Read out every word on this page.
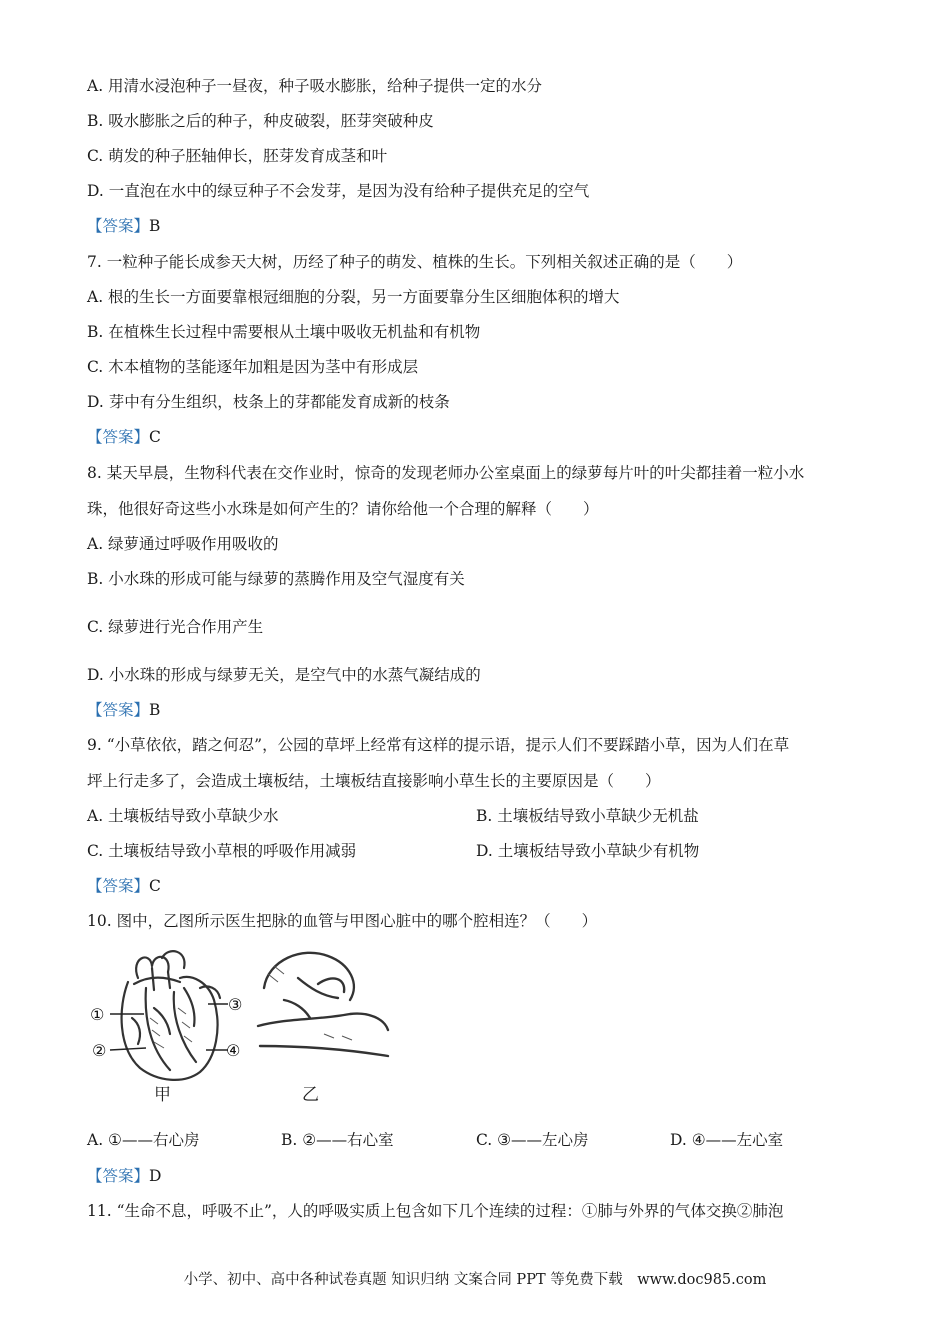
A. 用清水浸泡种子一昼夜，种子吸水膨胀，给种子提供一定的水分
B. 吸水膨胀之后的种子，种皮破裂，胚芽突破种皮
C. 萌发的种子胚轴伸长，胚芽发育成茎和叶
D. 一直泡在水中的绿豆种子不会发芽，是因为没有给种子提供充足的空气
【答案】B
7. 一粒种子能长成参天大树，历经了种子的萌发、植株的生长。下列相关叙述正确的是（　　）
A. 根的生长一方面要靠根冠细胞的分裂，另一方面要靠分生区细胞体积的增大
B. 在植株生长过程中需要根从土壤中吸收无机盐和有机物
C. 木本植物的茎能逐年加粗是因为茎中有形成层
D. 芽中有分生组织，枝条上的芽都能发育成新的枝条
【答案】C
8. 某天早晨，生物科代表在交作业时，惊奇的发现老师办公室桌面上的绿萝每片叶的叶尖都挂着一粒小水
珠，他很好奇这些小水珠是如何产生的？请你给他一个合理的解释（　　）
A. 绿萝通过呼吸作用吸收的
B. 小水珠的形成可能与绿萝的蒸腾作用及空气湿度有关
C. 绿萝进行光合作用产生
D. 小水珠的形成与绿萝无关，是空气中的水蒸气凝结成的
【答案】B
9. “小草依依，踏之何忍”，公园的草坪上经常有这样的提示语，提示人们不要踩踏小草，因为人们在草
坪上行走多了，会造成土壤板结，土壤板结直接影响小草生长的主要原因是（　　）
A. 土壤板结导致小草缺少水	B. 土壤板结导致小草缺少无机盐
C. 土壤板结导致小草根的呼吸作用减弱	D. 土壤板结导致小草缺少有机物
【答案】C
10. 图中，乙图所示医生把脉的血管与甲图心脏中的哪个腔相连？（　　）
①
②
③
④
甲	乙
A. ①——右心房	B. ②——右心室	C. ③——左心房	D. ④——左心室
【答案】D
11. “生命不息，呼吸不止”，人的呼吸实质上包含如下几个连续的过程：①肺与外界的气体交换②肺泡
小学、初中、高中各种试卷真题 知识归纳 文案合同 PPT 等免费下载　www.doc985.com
